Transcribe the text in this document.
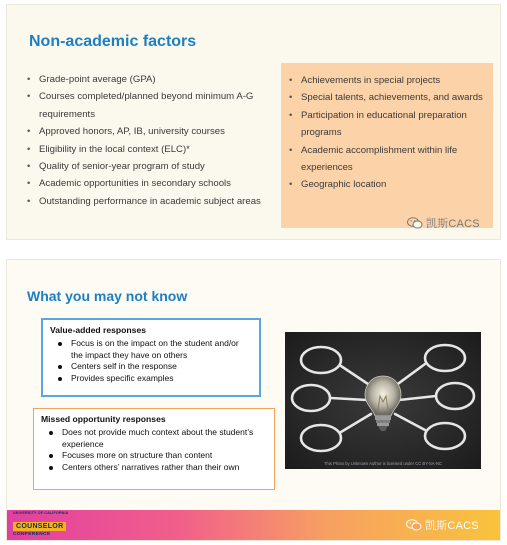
Non-academic factors
• Grade-point average (GPA)
• Courses completed/planned beyond minimum A-G requirements
• Approved honors, AP, IB, university courses
• Eligibility in the local context (ELC)*
• Quality of senior-year program of study
• Academic opportunities in secondary schools
• Outstanding performance in academic subject areas
• Achievements in special projects
• Special talents, achievements, and awards
• Participation in educational preparation programs
• Academic accomplishment within life experiences
• Geographic location
凯斯CACS
What you may not know
Value-added responses
Focus is on the impact on the student and/or the impact they have on others
Centers self in the response
Provides specific examples
Missed opportunity responses
Does not provide much context about the student’s experience
Focuses more on structure than content
Centers others’ narratives rather than their own	This Photo by Unknown Author is licensed under CC BY-SA-NC
UNIVERSITY OF CALIFORNIA
COUNSELOR
CONFERENCE
凯斯CACS
